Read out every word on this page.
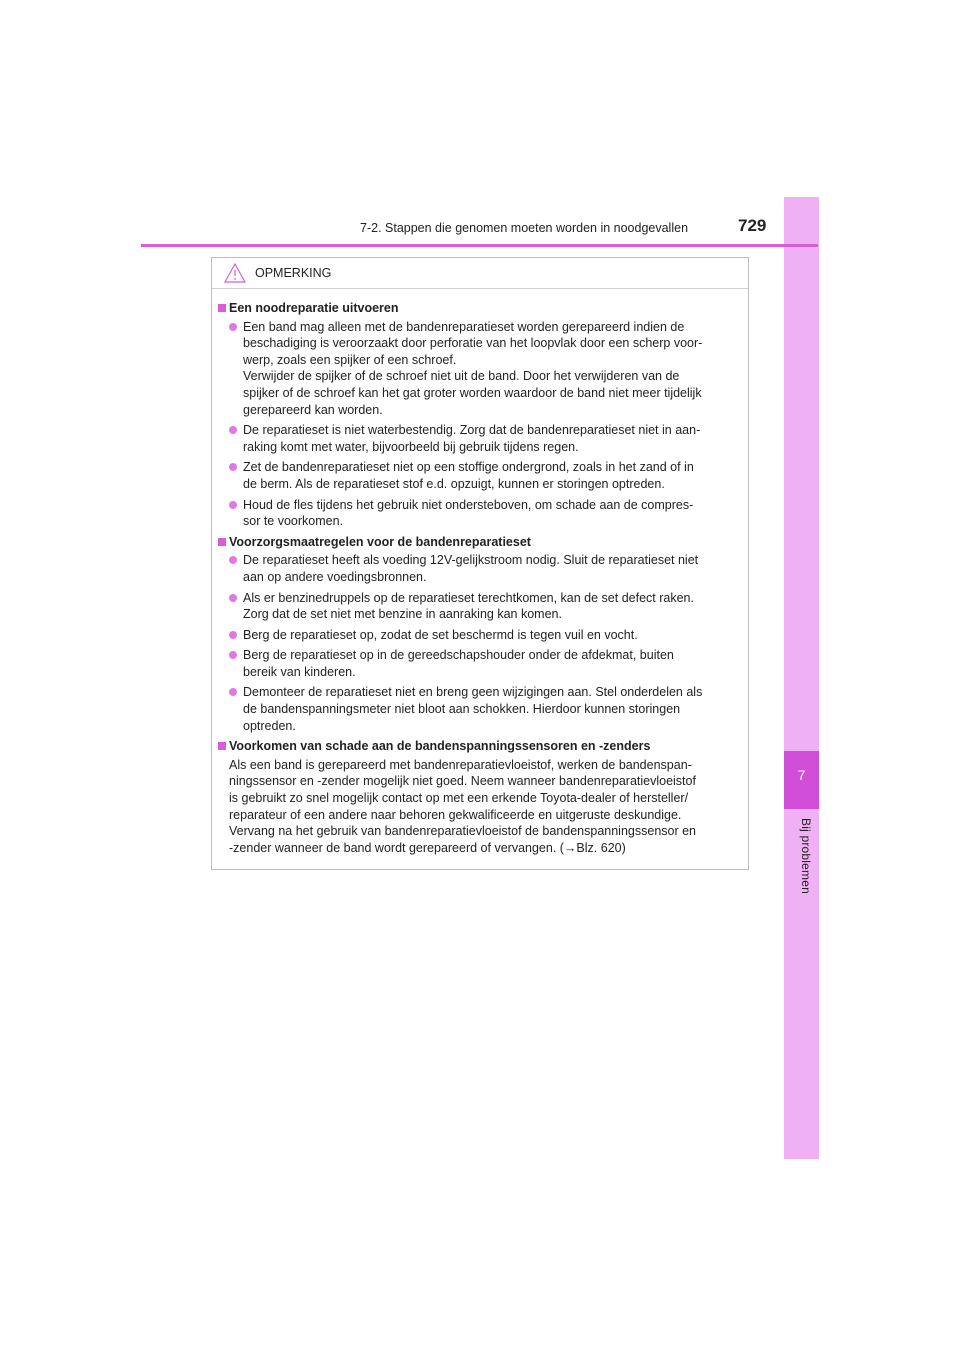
7
Bij problemen
7-2. Stappen die genomen moeten worden in noodgevallen	729
OPMERKING
Een noodreparatie uitvoeren
Een band mag alleen met de bandenreparatieset worden gerepareerd indien de
beschadiging is veroorzaakt door perforatie van het loopvlak door een scherp voor-
werp, zoals een spijker of een schroef.
Verwijder de spijker of de schroef niet uit de band. Door het verwijderen van de
spijker of de schroef kan het gat groter worden waardoor de band niet meer tijdelijk
gerepareerd kan worden.
De reparatieset is niet waterbestendig. Zorg dat de bandenreparatieset niet in aan-
raking komt met water, bijvoorbeeld bij gebruik tijdens regen.
Zet de bandenreparatieset niet op een stoffige ondergrond, zoals in het zand of in
de berm. Als de reparatieset stof e.d. opzuigt, kunnen er storingen optreden.
Houd de fles tijdens het gebruik niet ondersteboven, om schade aan de compres-
sor te voorkomen.
Voorzorgsmaatregelen voor de bandenreparatieset
De reparatieset heeft als voeding 12V-gelijkstroom nodig. Sluit de reparatieset niet
aan op andere voedingsbronnen.
Als er benzinedruppels op de reparatieset terechtkomen, kan de set defect raken.
Zorg dat de set niet met benzine in aanraking kan komen.
Berg de reparatieset op, zodat de set beschermd is tegen vuil en vocht.
Berg de reparatieset op in de gereedschapshouder onder de afdekmat, buiten
bereik van kinderen.
Demonteer de reparatieset niet en breng geen wijzigingen aan. Stel onderdelen als
de bandenspanningsmeter niet bloot aan schokken. Hierdoor kunnen storingen
optreden.
Voorkomen van schade aan de bandenspanningssensoren en -zenders
Als een band is gerepareerd met bandenreparatievloeistof, werken de bandenspan-
ningssensor en -zender mogelijk niet goed. Neem wanneer bandenreparatievloeistof
is gebruikt zo snel mogelijk contact op met een erkende Toyota-dealer of hersteller/
reparateur of een andere naar behoren gekwalificeerde en uitgeruste deskundige.
Vervang na het gebruik van bandenreparatievloeistof de bandenspanningssensor en
-zender wanneer de band wordt gerepareerd of vervangen. (→Blz. 620)
